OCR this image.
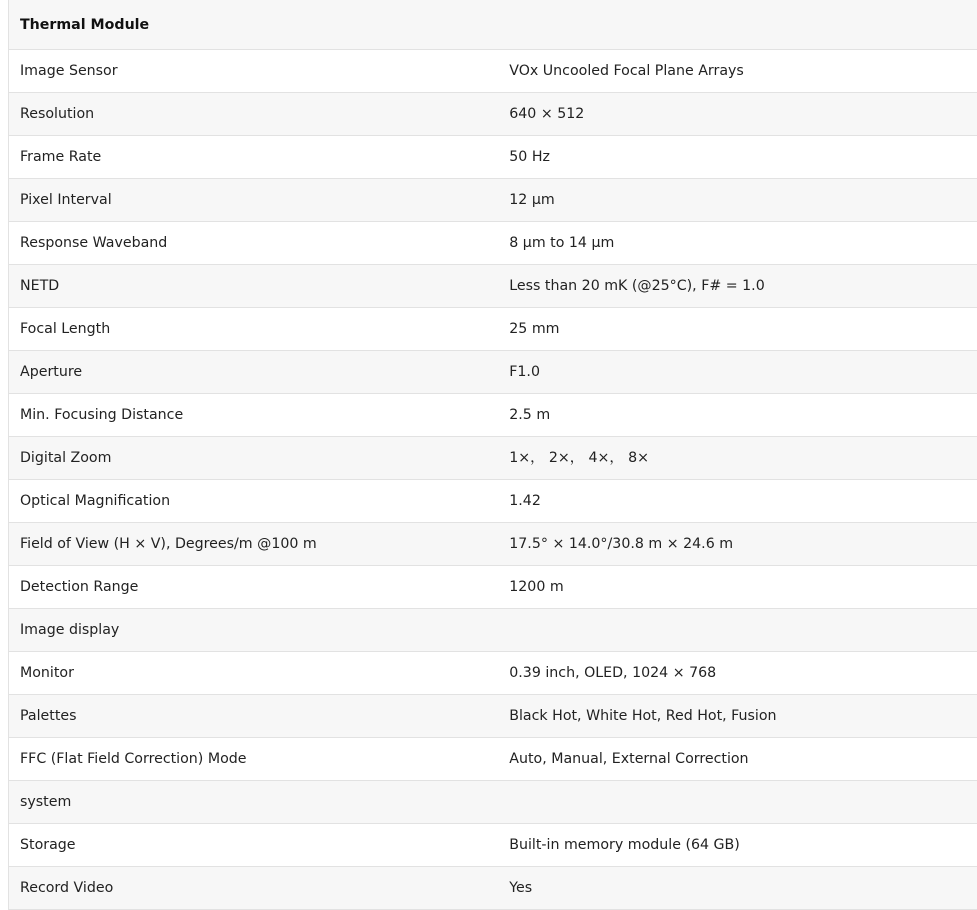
Thermal Module	
Image Sensor	VOx Uncooled Focal Plane Arrays
Resolution	640 × 512
Frame Rate	50 Hz
Pixel Interval	12 μm
Response Waveband	8 μm to 14 μm
NETD	Less than 20 mK (@25°C), F# = 1.0
Focal Length	25 mm
Aperture	F1.0
Min. Focusing Distance	2.5 m
Digital Zoom	1×， 2×， 4×， 8×
Optical Magnification	1.42
Field of View (H × V), Degrees/m @100 m	17.5° × 14.0°/30.8 m × 24.6 m
Detection Range	1200 m
Image display	
Monitor	0.39 inch, OLED, 1024 × 768
Palettes	Black Hot, White Hot, Red Hot, Fusion
FFC (Flat Field Correction) Mode	Auto, Manual, External Correction
system	
Storage	Built-in memory module (64 GB)
Record Video	Yes
